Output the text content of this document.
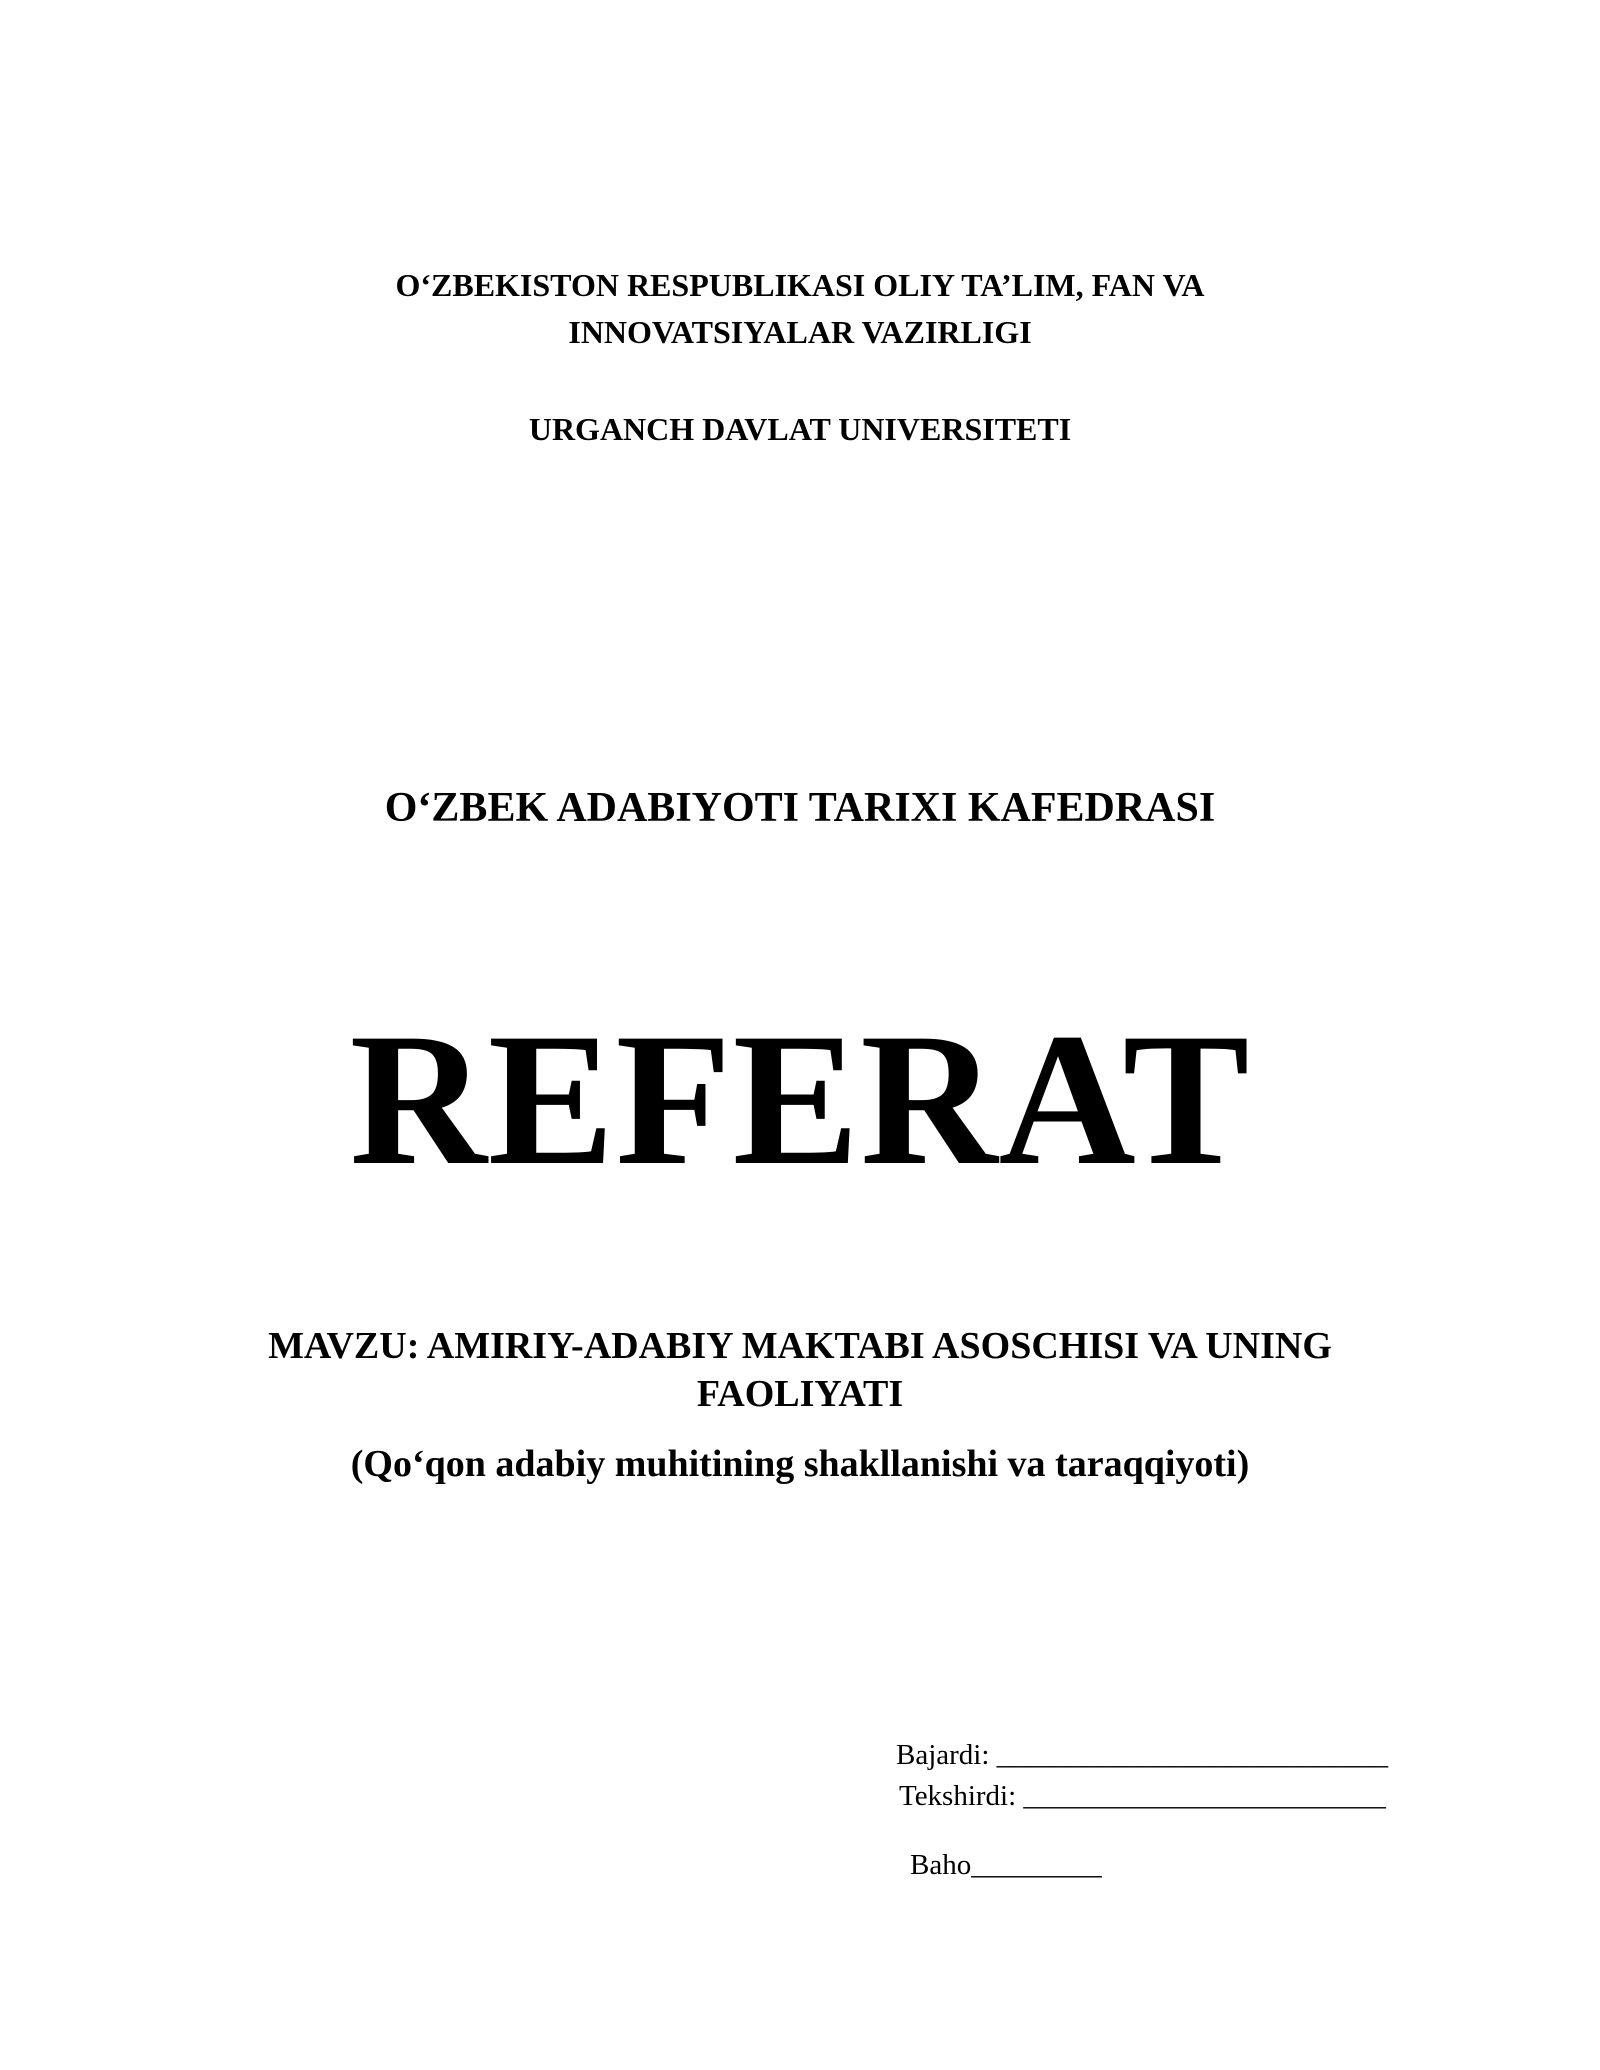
O‘ZBEKISTON RESPUBLIKASI OLIY TA’LIM, FAN VA
INNOVATSIYALAR VAZIRLIGI
URGANCH DAVLAT UNIVERSITETI
O‘ZBEK ADABIYOTI TARIXI KAFEDRASI
REFERAT
MAVZU: AMIRIY-ADABIY MAKTABI ASOSCHISI VA UNING
FAOLIYATI
(Qo‘qon adabiy muhitining shakllanishi va taraqqiyoti)
Bajardi: ___________________________
Tekshirdi: _________________________
Baho_________
